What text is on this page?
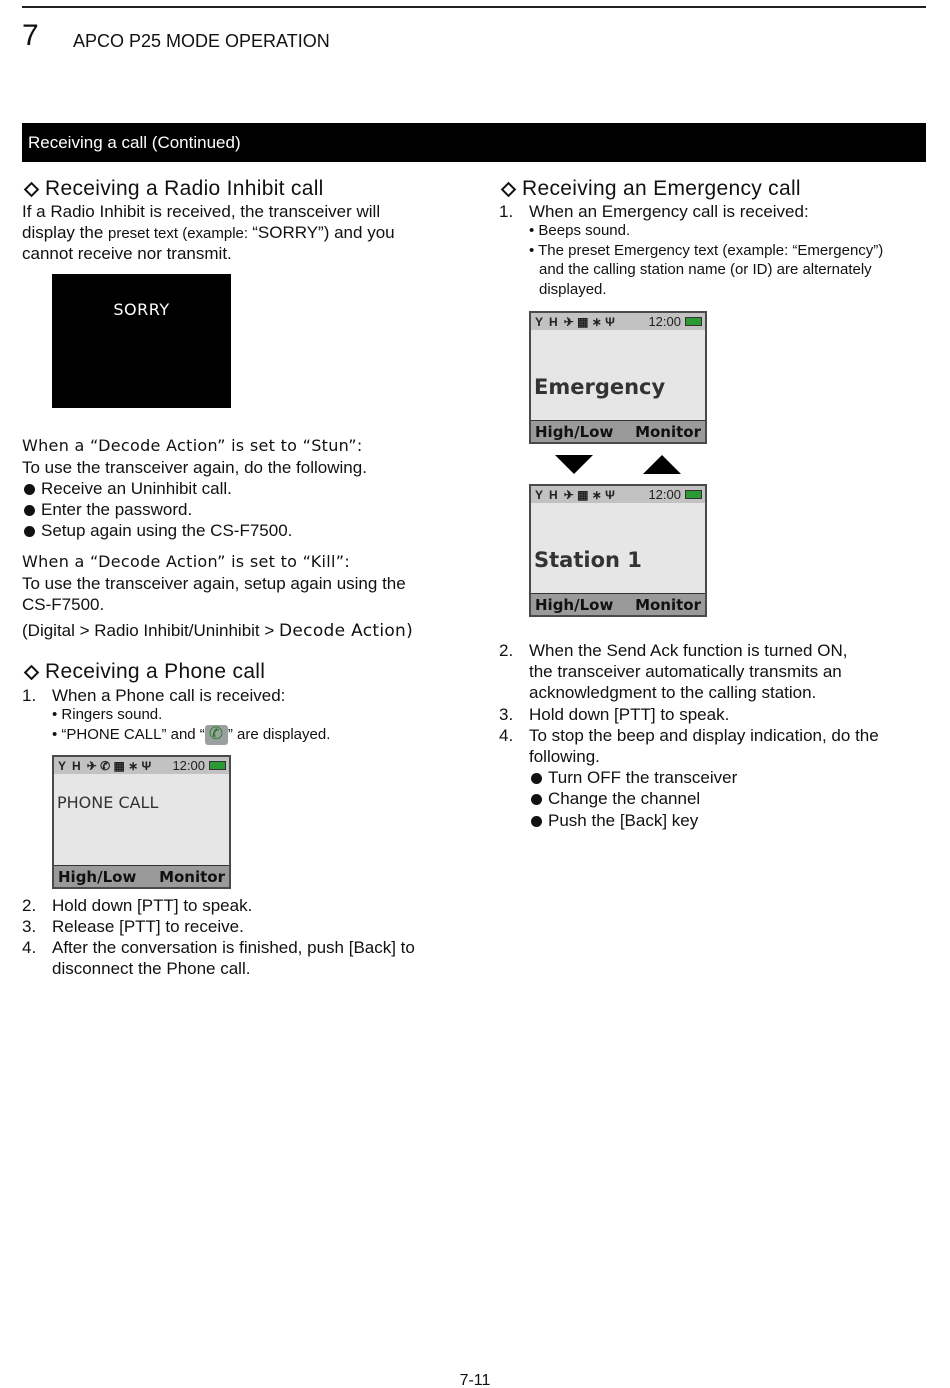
7 APCO P25 MODE OPERATION
Receiving a call (Continued)
Receiving a Radio Inhibit call
If a Radio Inhibit is received, the transceiver will
display the preset text (example: “SORRY”) and you
cannot receive nor transmit.
SORRY
When a “Decode Action” is set to “Stun”:
To use the transceiver again, do the following.
Receive an Uninhibit call.
Enter the password.
Setup again using the CS-F7500.
When a “Decode Action” is set to “Kill”:
To use the transceiver again, setup again using the
CS-F7500.
(Digital > Radio Inhibit/Uninhibit > Decode Action)
Receiving a Phone call
1. When a Phone call is received:
• Ringers sound.
• “PHONE CALL” and “✆ ” are displayed.
Y H ✈ ✆ ▦ ∗ Ψ 12:00
PHONE CALL
High/Low Monitor
2. Hold down [PTT] to speak.
3. Release [PTT] to receive.
4. After the conversation is finished, push [Back] to
disconnect the Phone call.
Receiving an Emergency call
1. When an Emergency call is received:
• Beeps sound.
• The preset Emergency text (example: “Emergency”)
and the calling station name (or ID) are alternately
displayed.
Y H ✈ ▦ ∗ Ψ	12:00
Emergency
High/Low Monitor
Y H ✈ ▦ ∗ Ψ	12:00
Station 1
High/Low Monitor
2. When the Send Ack function is turned ON,
the transceiver automatically transmits an
acknowledgment to the calling station.
3. Hold down [PTT] to speak.
4. To stop the beep and display indication, do the
following.
Turn OFF the transceiver
Change the channel
Push the [Back] key
7-11
